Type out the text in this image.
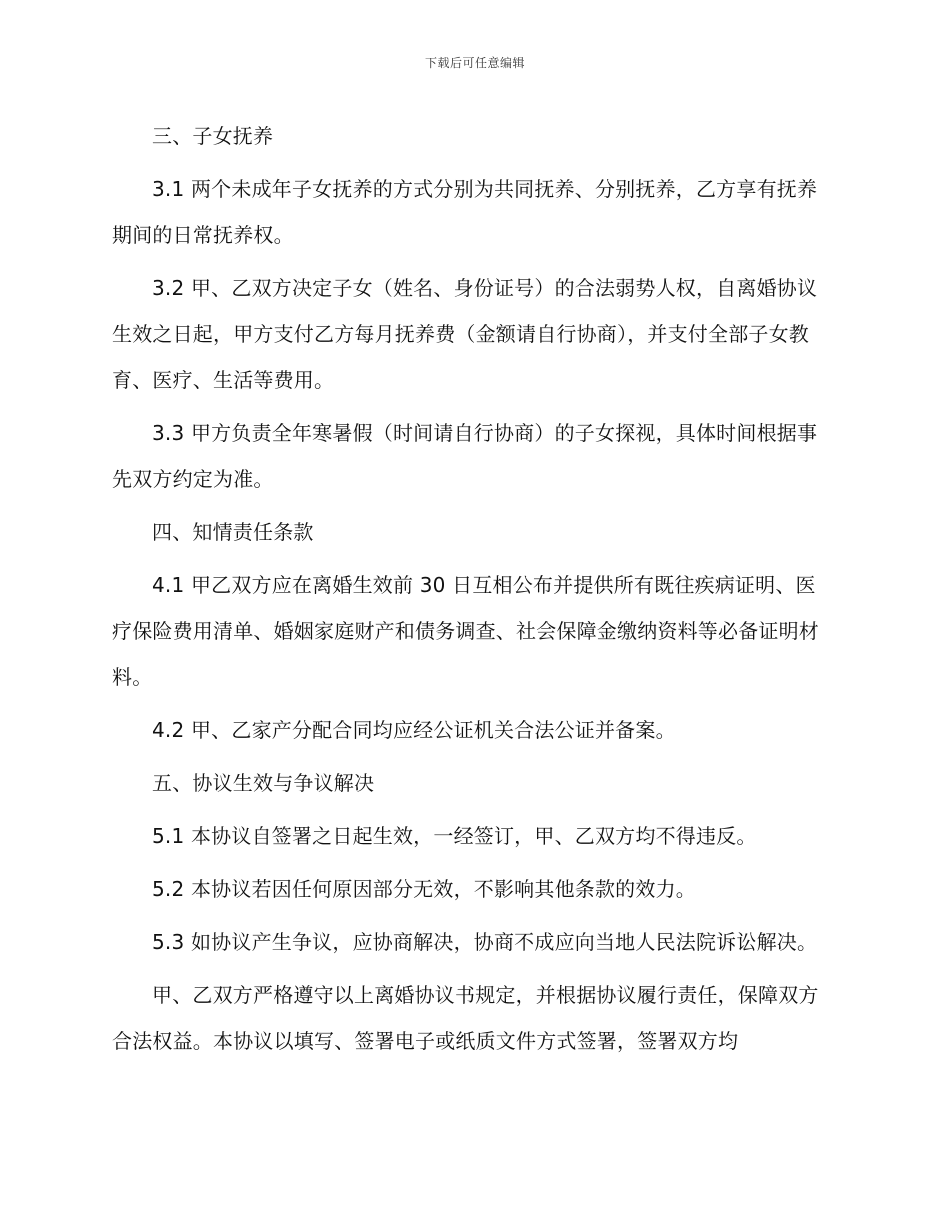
下载后可任意编辑

三、子女抚养

3.1 两个未成年子女抚养的方式分别为共同抚养、分别抚养，乙方享有抚养期间的日常抚养权。

3.2 甲、乙双方决定子女（姓名、身份证号）的合法弱势人权，自离婚协议生效之日起，甲方支付乙方每月抚养费（金额请自行协商），并支付全部子女教育、医疗、生活等费用。

3.3 甲方负责全年寒暑假（时间请自行协商）的子女探视，具体时间根据事先双方约定为准。

四、知情责任条款

4.1 甲乙双方应在离婚生效前 30 日互相公布并提供所有既往疾病证明、医疗保险费用清单、婚姻家庭财产和债务调查、社会保障金缴纳资料等必备证明材料。

4.2 甲、乙家产分配合同均应经公证机关合法公证并备案。

五、协议生效与争议解决

5.1 本协议自签署之日起生效，一经签订，甲、乙双方均不得违反。

5.2 本协议若因任何原因部分无效，不影响其他条款的效力。

5.3 如协议产生争议，应协商解决，协商不成应向当地人民法院诉讼解决。

甲、乙双方严格遵守以上离婚协议书规定，并根据协议履行责任，保障双方合法权益。本协议以填写、签署电子或纸质文件方式签署，签署双方均
